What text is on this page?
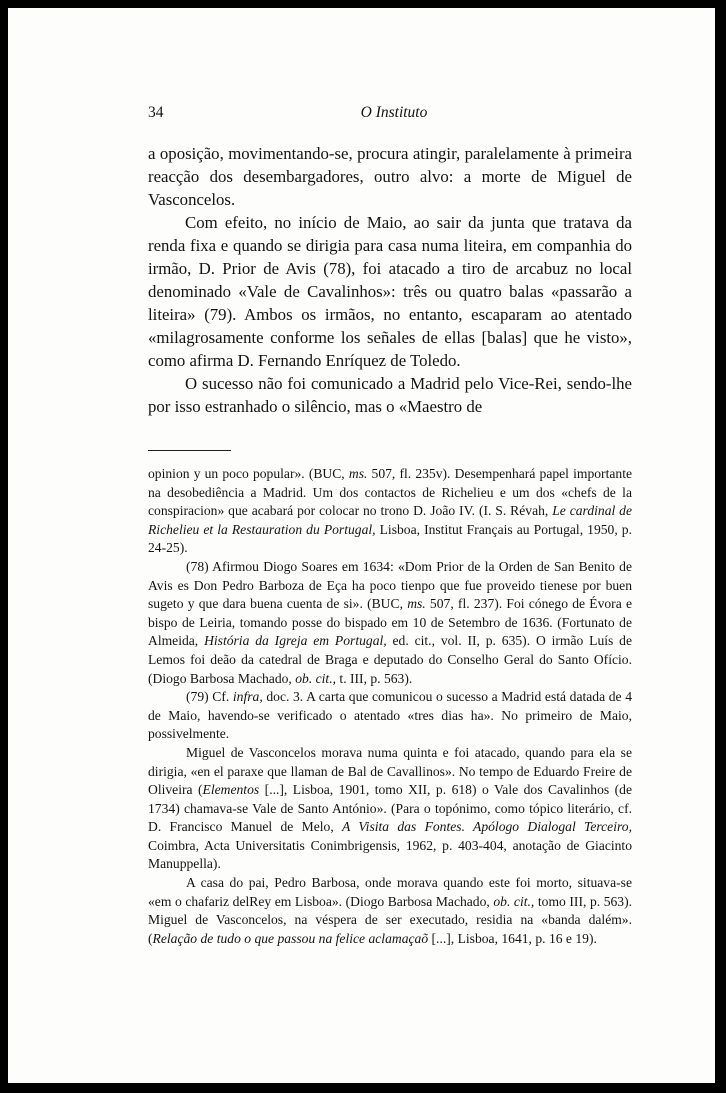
34	O Instituto

a oposição, movimentando-se, procura atingir, paralelamente à primeira reacção dos desembargadores, outro alvo: a morte de Miguel de Vasconcelos.

Com efeito, no início de Maio, ao sair da junta que tratava da renda fixa e quando se dirigia para casa numa liteira, em companhia do irmão, D. Prior de Avis (78), foi atacado a tiro de arcabuz no local denominado «Vale de Cavalinhos»: três ou quatro balas «passarão a liteira» (79). Ambos os irmãos, no entanto, escaparam ao atentado «milagrosamente conforme los señales de ellas [balas] que he visto», como afirma D. Fernando Enríquez de Toledo.

O sucesso não foi comunicado a Madrid pelo Vice-Rei, sendo-lhe por isso estranhado o silêncio, mas o «Maestro de

opinion y un poco popular». (BUC, ms. 507, fl. 235v). Desempenhará papel importante na desobediência a Madrid. Um dos contactos de Richelieu e um dos «chefs de la conspiracion» que acabará por colocar no trono D. João IV. (I. S. Révah, Le cardinal de Richelieu et la Restauration du Portugal, Lisboa, Institut Français au Portugal, 1950, p. 24-25).

(78) Afirmou Diogo Soares em 1634: «Dom Prior de la Orden de San Benito de Avis es Don Pedro Barboza de Eça ha poco tienpo que fue proveido tienese por buen sugeto y que dara buena cuenta de si». (BUC, ms. 507, fl. 237). Foi cónego de Évora e bispo de Leiria, tomando posse do bispado em 10 de Setembro de 1636. (Fortunato de Almeida, História da Igreja em Portugal, ed. cit., vol. II, p. 635). O irmão Luís de Lemos foi deão da catedral de Braga e deputado do Conselho Geral do Santo Ofício. (Diogo Barbosa Machado, ob. cit., t. III, p. 563).

(79) Cf. infra, doc. 3. A carta que comunicou o sucesso a Madrid está datada de 4 de Maio, havendo-se verificado o atentado «tres dias ha». No primeiro de Maio, possivelmente.

Miguel de Vasconcelos morava numa quinta e foi atacado, quando para ela se dirigia, «en el paraxe que llaman de Bal de Cavallinos». No tempo de Eduardo Freire de Oliveira (Elementos [...], Lisboa, 1901, tomo XII, p. 618) o Vale dos Cavalinhos (de 1734) chamava-se Vale de Santo António». (Para o topónimo, como tópico literário, cf. D. Francisco Manuel de Melo, A Visita das Fontes. Apólogo Dialogal Terceiro, Coimbra, Acta Universitatis Conimbrigensis, 1962, p. 403-404, anotação de Giacinto Manuppella).

A casa do pai, Pedro Barbosa, onde morava quando este foi morto, situava-se «em o chafariz delRey em Lisboa». (Diogo Barbosa Machado, ob. cit., tomo III, p. 563). Miguel de Vasconcelos, na véspera de ser executado, residia na «banda dalém». (Relação de tudo o que passou na felice aclamaçaõ [...], Lisboa, 1641, p. 16 e 19).
